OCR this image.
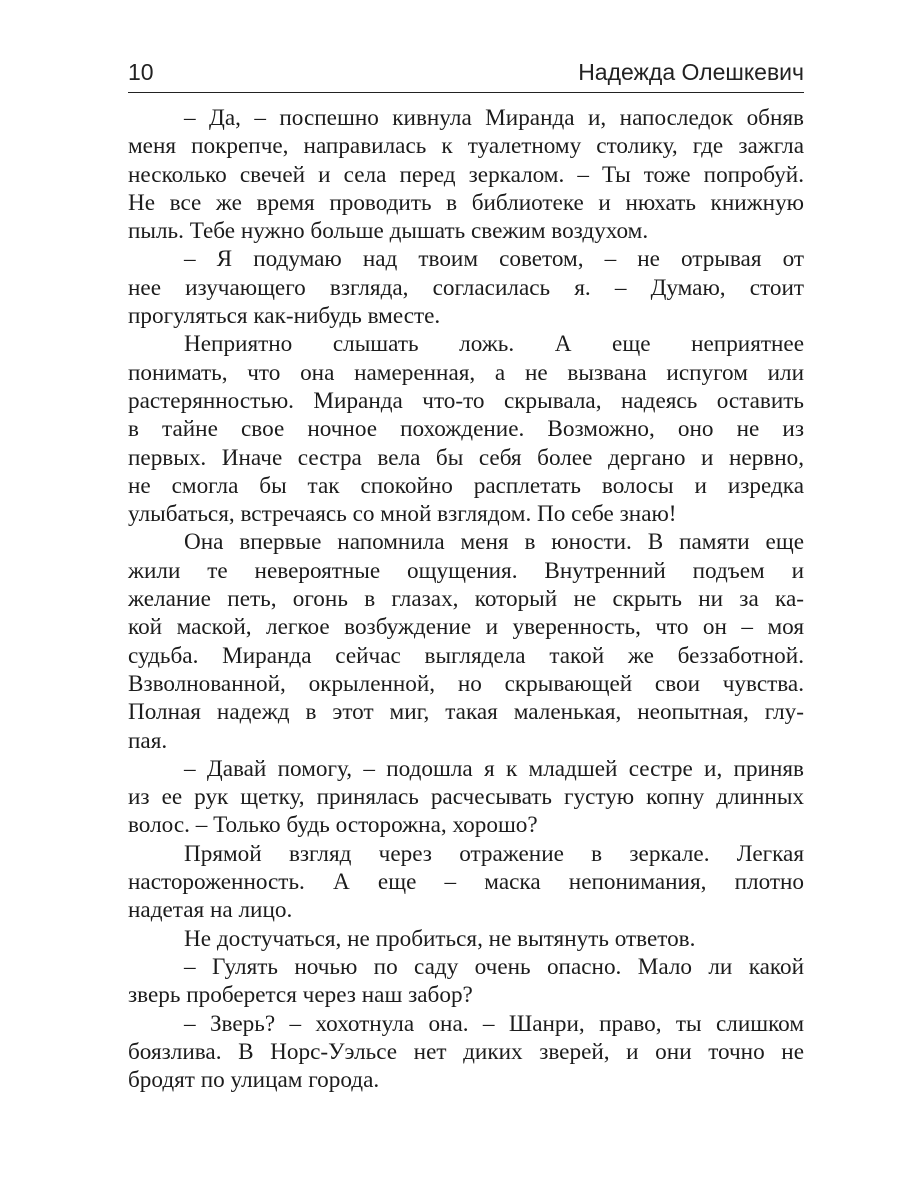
10	Надежда Олешкевич
– Да, – поспешно кивнула Миранда и, напоследок обняв
меня покрепче, направилась к туалетному столику, где зажгла
несколько свечей и села перед зеркалом. – Ты тоже попробуй.
Не все же время проводить в библиотеке и нюхать книжную
пыль. Тебе нужно больше дышать свежим воздухом.
– Я подумаю над твоим советом, – не отрывая от
нее изучающего взгляда, согласилась я. – Думаю, стоит
прогуляться как-нибудь вместе.
Неприятно слышать ложь. А еще неприятнее
понимать, что она намеренная, а не вызвана испугом или
растерянностью. Миранда что-то скрывала, надеясь оставить
в тайне свое ночное похождение. Возможно, оно не из
первых. Иначе сестра вела бы себя более дергано и нервно,
не смогла бы так спокойно расплетать волосы и изредка
улыбаться, встречаясь со мной взглядом. По себе знаю!
Она впервые напомнила меня в юности. В памяти еще
жили те невероятные ощущения. Внутренний подъем и
желание петь, огонь в глазах, который не скрыть ни за ка-
кой маской, легкое возбуждение и уверенность, что он – моя
судьба. Миранда сейчас выглядела такой же беззаботной.
Взволнованной, окрыленной, но скрывающей свои чувства.
Полная надежд в этот миг, такая маленькая, неопытная, глу-
пая.
– Давай помогу, – подошла я к младшей сестре и, приняв
из ее рук щетку, принялась расчесывать густую копну длинных
волос. – Только будь осторожна, хорошо?
Прямой взгляд через отражение в зеркале. Легкая
настороженность. А еще – маска непонимания, плотно
надетая на лицо.
Не достучаться, не пробиться, не вытянуть ответов.
– Гулять ночью по саду очень опасно. Мало ли какой
зверь проберется через наш забор?
– Зверь? – хохотнула она. – Шанри, право, ты слишком
боязлива. В Норс-Уэльсе нет диких зверей, и они точно не
бродят по улицам города.
